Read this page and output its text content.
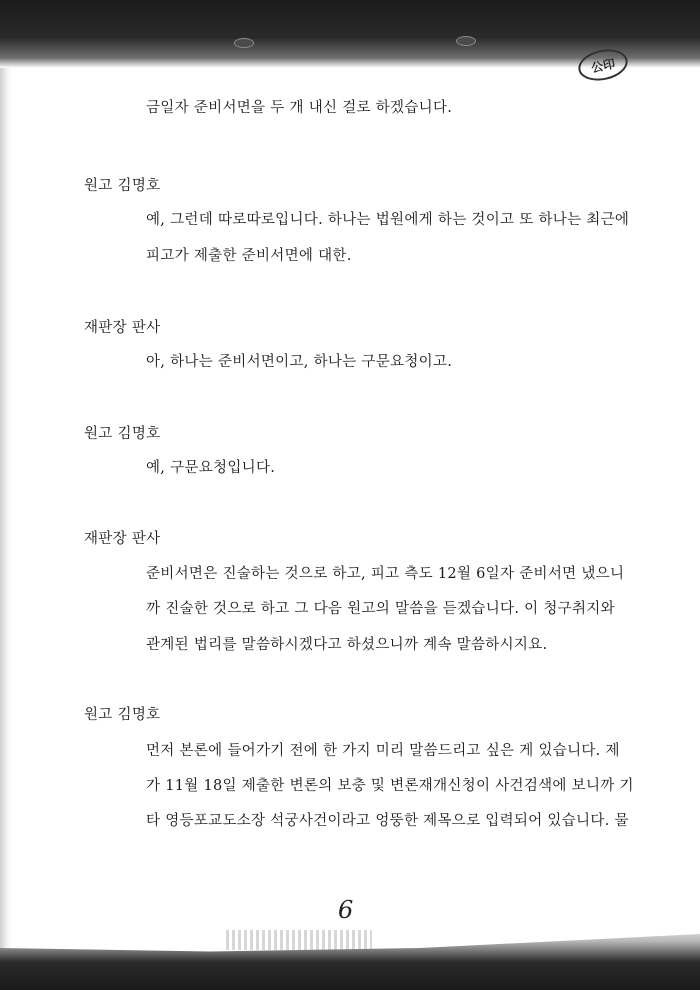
公印
금일자 준비서면을 두 개 내신 걸로 하겠습니다.
원고 김명호
예, 그런데 따로따로입니다. 하나는 법원에게 하는 것이고 또 하나는 최근에
피고가 제출한 준비서면에 대한.
재판장 판사
아, 하나는 준비서면이고, 하나는 구문요청이고.
원고 김명호
예, 구문요청입니다.
재판장 판사
준비서면은 진술하는 것으로 하고, 피고 측도 12월 6일자 준비서면 냈으니
까 진술한 것으로 하고 그 다음 원고의 말씀을 듣겠습니다. 이 청구취지와
관계된 법리를 말씀하시겠다고 하셨으니까 계속 말씀하시지요.
원고 김명호
먼저 본론에 들어가기 전에 한 가지 미리 말씀드리고 싶은 게 있습니다. 제
가 11월 18일 제출한 변론의 보충 및 변론재개신청이 사건검색에 보니까 기
타 영등포교도소장 석궁사건이라고 엉뚱한 제목으로 입력되어 있습니다. 물
6
